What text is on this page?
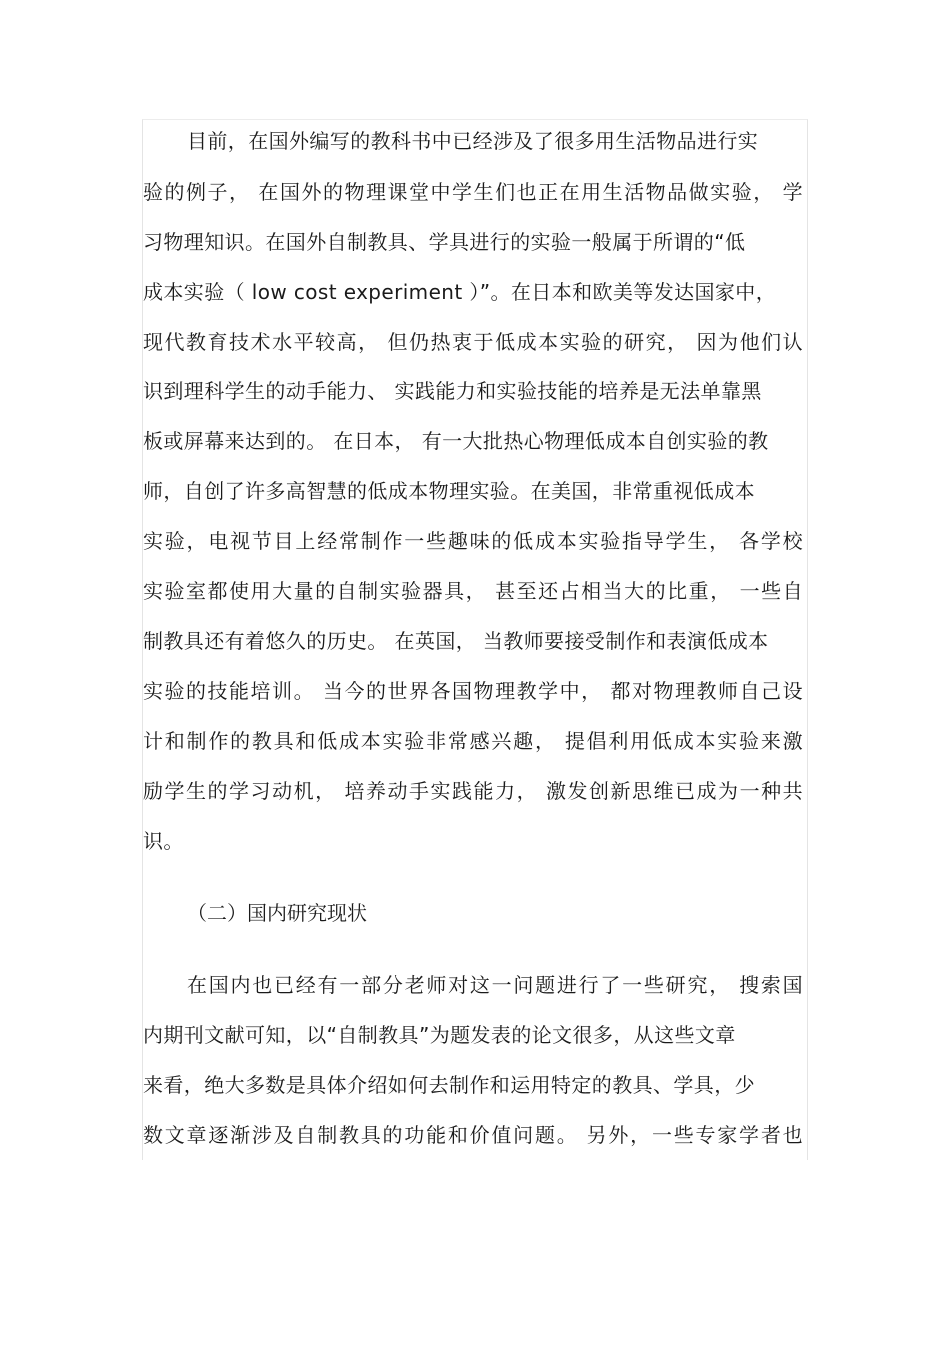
目前，在国外编写的教科书中已经涉及了很多用生活物品进行实
验的例子， 在国外的物理课堂中学生们也正在用生活物品做实验， 学
习物理知识。在国外自制教具、学具进行的实验一般属于所谓的“低
成本实验（ low cost experiment ）”。在日本和欧美等发达国家中，
现代教育技术水平较高， 但仍热衷于低成本实验的研究， 因为他们认
识到理科学生的动手能力、 实践能力和实验技能的培养是无法单靠黑
板或屏幕来达到的。 在日本， 有一大批热心物理低成本自创实验的教
师，自创了许多高智慧的低成本物理实验。在美国，非常重视低成本
实验，电视节目上经常制作一些趣味的低成本实验指导学生， 各学校
实验室都使用大量的自制实验器具， 甚至还占相当大的比重， 一些自
制教具还有着悠久的历史。 在英国， 当教师要接受制作和表演低成本
实验的技能培训。 当今的世界各国物理教学中， 都对物理教师自己设
计和制作的教具和低成本实验非常感兴趣， 提倡利用低成本实验来激
励学生的学习动机， 培养动手实践能力， 激发创新思维已成为一种共
识。
（二）国内研究现状
在国内也已经有一部分老师对这一问题进行了一些研究， 搜索国
内期刊文献可知，以“自制教具”为题发表的论文很多，从这些文章
来看，绝大多数是具体介绍如何去制作和运用特定的教具、学具，少
数文章逐渐涉及自制教具的功能和价值问题。 另外，一些专家学者也
